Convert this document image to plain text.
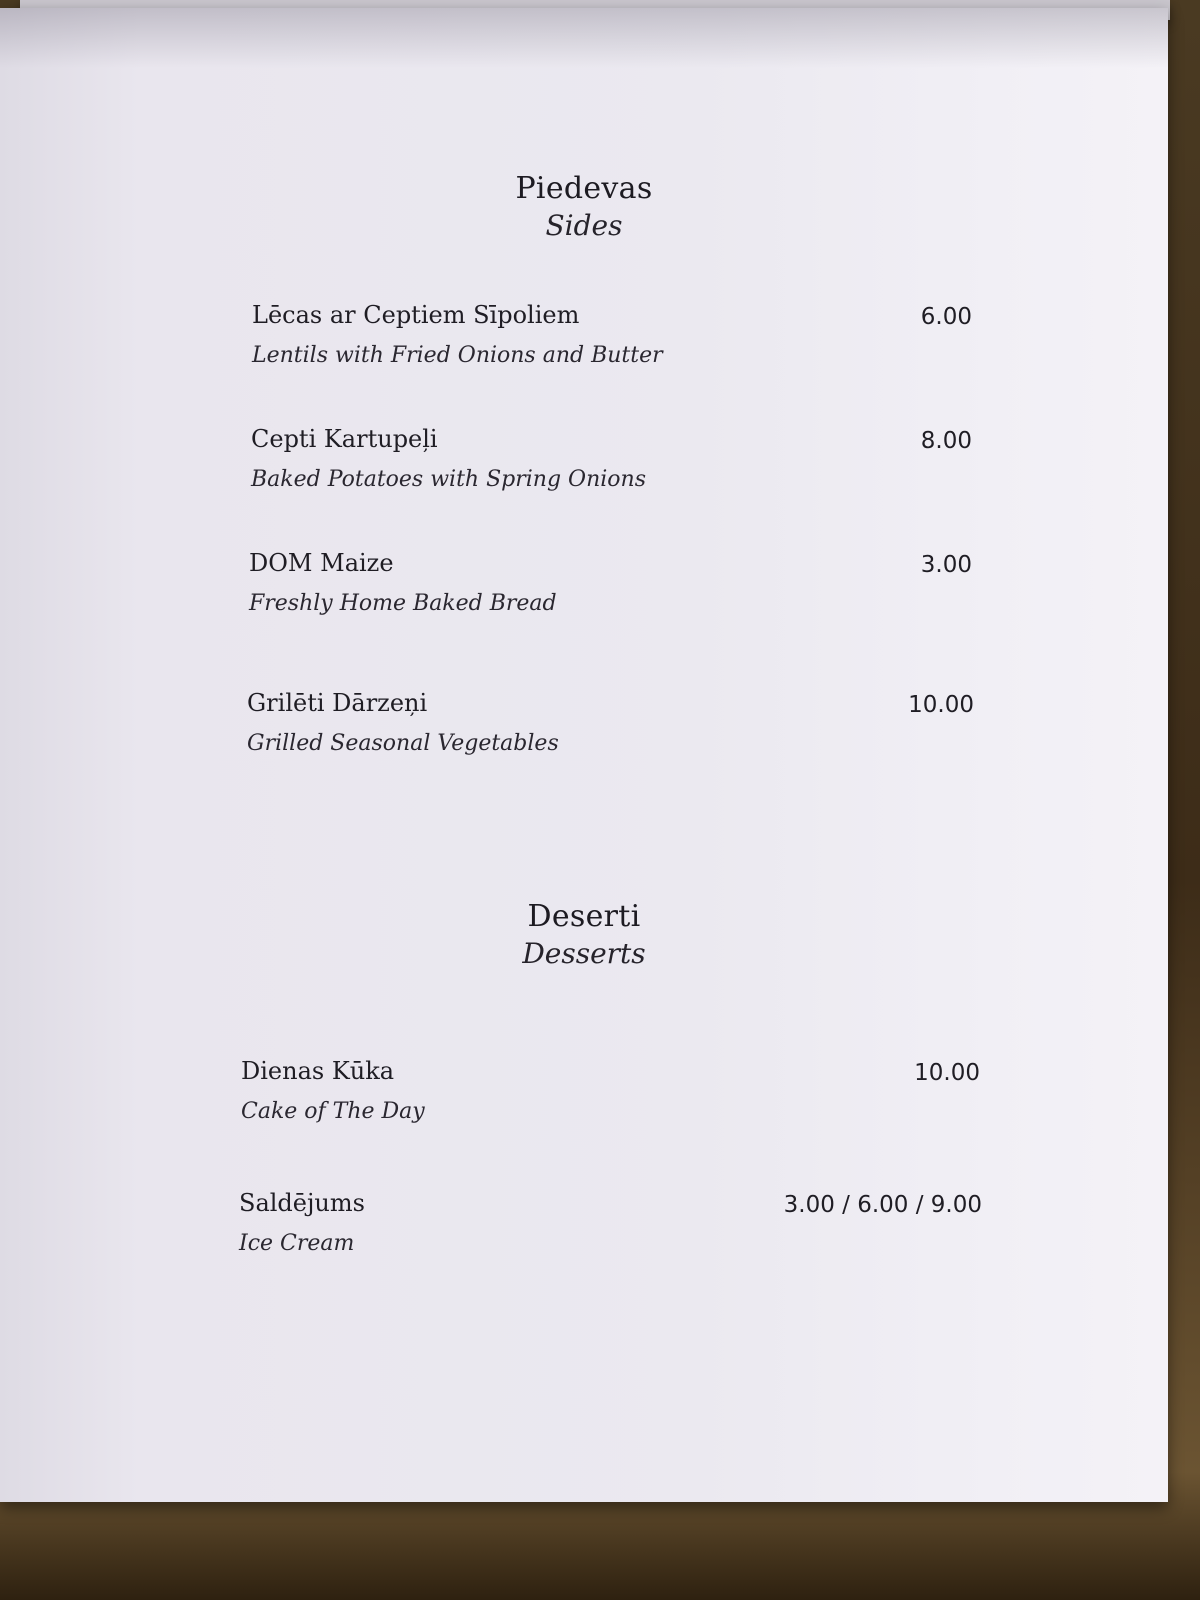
Piedevas
Sides
Lēcas ar Ceptiem Sīpoliem
Lentils with Fried Onions and Butter
6.00
Cepti Kartupeļi
Baked Potatoes with Spring Onions
8.00
DOM Maize
Freshly Home Baked Bread
3.00
Grilēti Dārzeņi
Grilled Seasonal Vegetables
10.00
Deserti
Desserts
Dienas Kūka
Cake of The Day
10.00
Saldējums
Ice Cream
3.00 / 6.00 / 9.00
